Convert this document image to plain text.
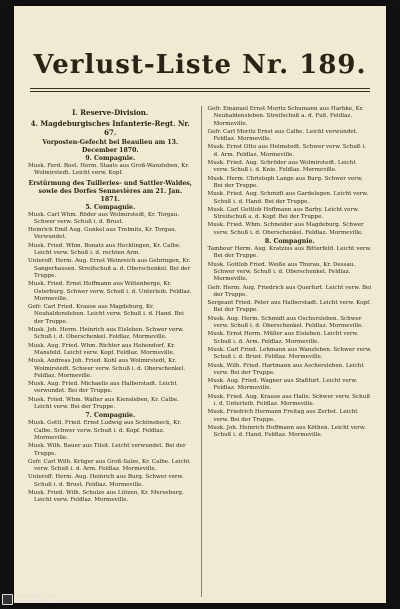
Verlust-Liste Nr. 189.
I. Reserve-Division.
4. Magdeburgisches Infanterie-Regt. Nr. 67.
Vorposten-Gefecht bei Beaulieu am 13. December 1870.
9. Compagnie.
Musk. Ferd. Rost. Herm. Staats aus Groß-Wanzleben, Kr. Wolmirstedt. Leicht verw. Kopf.
Erstürmung des Tuilleries- und Sattler-Waldes, sowie des Dorfes Sennevières am 21. Jan. 1871.
5. Compagnie.
Musk. Carl Whm. Röder aus Wolmirstedt, Kr. Torgau. Schwer verw. Schuß i. d. Brust.
Heinrich Emil Aug. Gunkel aus Trebnitz, Kr. Torgau. Verwundet.
Musk. Fried. Whm. Bonatz aus Hecklingen, Kr. Calbe. Leicht verw. Schuß i. d. rechten Arm.
Unteroff. Herm. Aug. Ernst Weinreich aus Gehringen, Kr. Sangerhausen. Streifschuß a. d. Oberschenkel. Bei der Truppe.
Musk. Fried. Ernst Hoffmann aus Wittenberge, Kr. Osterburg. Schwer verw. Schuß i. d. Unterleib. Feldlaz. Mormeville.
Gefr. Carl Fried. Krause aus Magdeburg, Kr. Neuhaldensleben. Leicht verw. Schuß i. d. Hand. Bei der Truppe.
Musk. Joh. Herm. Heinrich aus Eisleben. Schwer verw. Schuß i. d. Oberschenkel. Feldlaz. Mormeville.
Musk. Aug. Fried. Whm. Richter aus Hohendorf, Kr. Mansfeld. Leicht verw. Kopf. Feldlaz. Mormeville.
Musk. Andreas Joh. Fried. Kohl aus Wolmirstedt, Kr. Wolmirstedt. Schwer verw. Schuß i. d. Oberschenkel. Feldlaz. Mormeville.
Musk. Aug. Fried. Michaelis aus Halberstadt. Leicht verwundet. Bei der Truppe.
Musk. Fried. Whm. Walter aus Kiensleben, Kr. Calbe. Leicht verw. Bei der Truppe.
7. Compagnie.
Musk. Gottl. Fried. Ernst Ludwig aus Schönebeck, Kr. Calbe. Schwer verw. Schuß i. d. Kopf. Feldlaz. Mormeville.
Musk. Wilh. Bauer aus Tilsit. Leicht verwundet. Bei der Truppe.
Gefr. Carl Wilh. Krüger aus Groß-Salze, Kr. Calbe. Leicht verw. Schuß i. d. Arm. Feldlaz. Mormeville.
Unteroff. Herm. Aug. Heinrich aus Burg. Schwer verw. Schuß i. d. Brust. Feldlaz. Mormeville.
Musk. Fried. Wilh. Schulze aus Lützen, Kr. Merseburg. Leicht verw. Feldlaz. Mormeville.
Gefr. Emanuel Ernst Moritz Schumann aus Harbke, Kr. Neuhaldensleben. Streifschuß a. d. Fuß. Feldlaz. Mormeville.
Gefr. Carl Moritz Ernst aus Calbe. Leicht verwundet. Feldlaz. Mormeville.
Musk. Ernst Otto aus Helmstedt. Schwer verw. Schuß i. d. Arm. Feldlaz. Mormeville.
Musk. Fried. Aug. Schröder aus Wolmirstedt. Leicht verw. Schuß i. d. Knie. Feldlaz. Mormeville.
Musk. Herm. Christoph Lange aus Burg. Schwer verw. Bei der Truppe.
Musk. Fried. Aug. Schmidt aus Gardelegen. Leicht verw. Schuß i. d. Hand. Bei der Truppe.
Musk. Carl Gottlob Hoffmann aus Barby. Leicht verw. Streifschuß a. d. Kopf. Bei der Truppe.
Musk. Fried. Whm. Schneider aus Magdeburg. Schwer verw. Schuß i. d. Oberschenkel. Feldlaz. Mormeville.
8. Compagnie.
Tambour Herm. Aug. Kratzius aus Bitterfeld. Leicht verw. Bei der Truppe.
Musk. Gottlob Fried. Weiße aus Thurau, Kr. Dessau. Schwer verw. Schuß i. d. Oberschenkel. Feldlaz. Mormeville.
Gefr. Herm. Aug. Friedrich aus Querfurt. Leicht verw. Bei der Truppe.
Sergeant Fried. Peter aus Halberstadt. Leicht verw. Kopf. Bei der Truppe.
Musk. Aug. Herm. Schmidt aus Oschersleben. Schwer verw. Schuß i. d. Oberschenkel. Feldlaz. Mormeville.
Musk. Ernst Herm. Müller aus Eisleben. Leicht verw. Schuß i. d. Arm. Feldlaz. Mormeville.
Musk. Carl Fried. Lehmann aus Wanzleben. Schwer verw. Schuß i. d. Brust. Feldlaz. Mormeville.
Musk. Wilh. Fried. Hartmann aus Aschersleben. Leicht verw. Bei der Truppe.
Musk. Aug. Fried. Wagner aus Staßfurt. Leicht verw. Feldlaz. Mormeville.
Musk. Fried. Aug. Krause aus Halle. Schwer verw. Schuß i. d. Unterleib. Feldlaz. Mormeville.
Musk. Friedrich Hermann Freitag aus Zerbst. Leicht verw. Bei der Truppe.
Musk. Joh. Heinrich Hoffmann aus Köthen. Leicht verw. Schuß i. d. Hand. Feldlaz. Mormeville.
Universitäts- und
Landesbibliothek Düsseldorf
